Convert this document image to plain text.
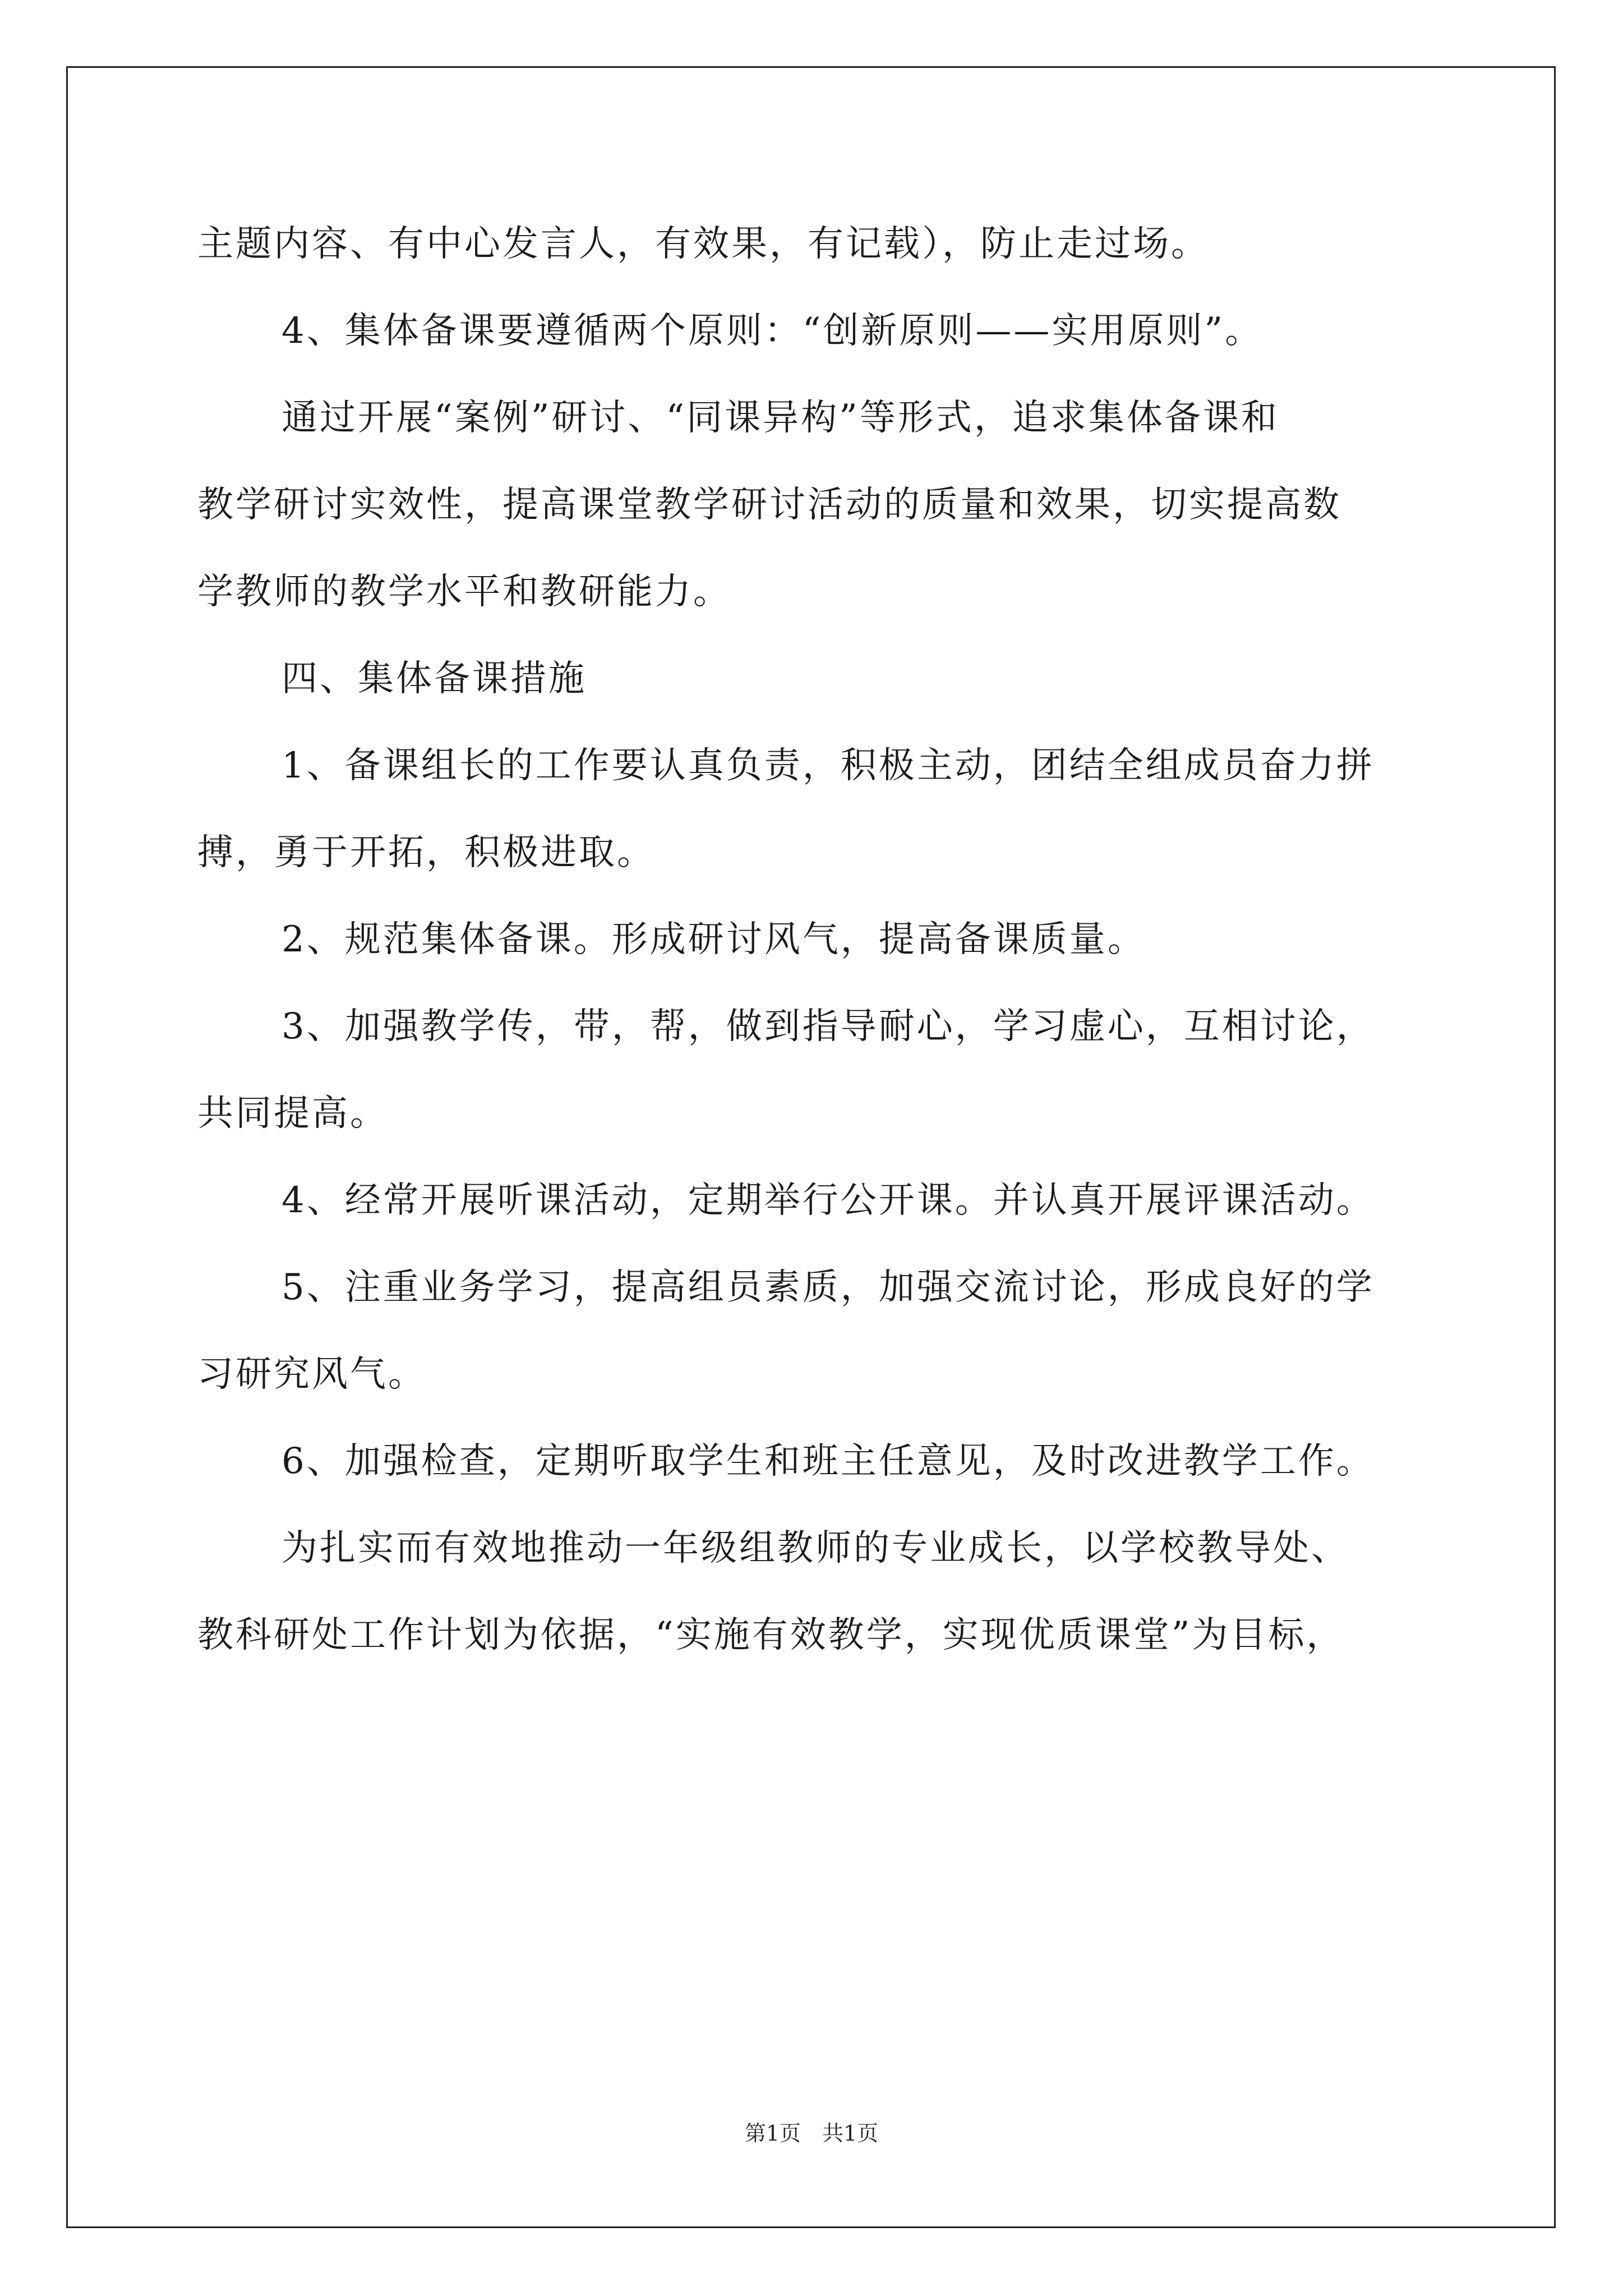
主题内容、有中心发言人，有效果，有记载），防止走过场。
4、集体备课要遵循两个原则：“创新原则——实用原则”。
通过开展“案例”研讨、“同课异构”等形式，追求集体备课和
教学研讨实效性，提高课堂教学研讨活动的质量和效果，切实提高数
学教师的教学水平和教研能力。
四、集体备课措施
1、备课组长的工作要认真负责，积极主动，团结全组成员奋力拼
搏，勇于开拓，积极进取。
2、规范集体备课。形成研讨风气，提高备课质量。
3、加强教学传，带，帮，做到指导耐心，学习虚心，互相讨论，
共同提高。
4、经常开展听课活动，定期举行公开课。并认真开展评课活动。
5、注重业务学习，提高组员素质，加强交流讨论，形成良好的学
习研究风气。
6、加强检查，定期听取学生和班主任意见，及时改进教学工作。
为扎实而有效地推动一年级组教师的专业成长，以学校教导处、
教科研处工作计划为依据，“实施有效教学，实现优质课堂”为目标，
第1页　共1页
